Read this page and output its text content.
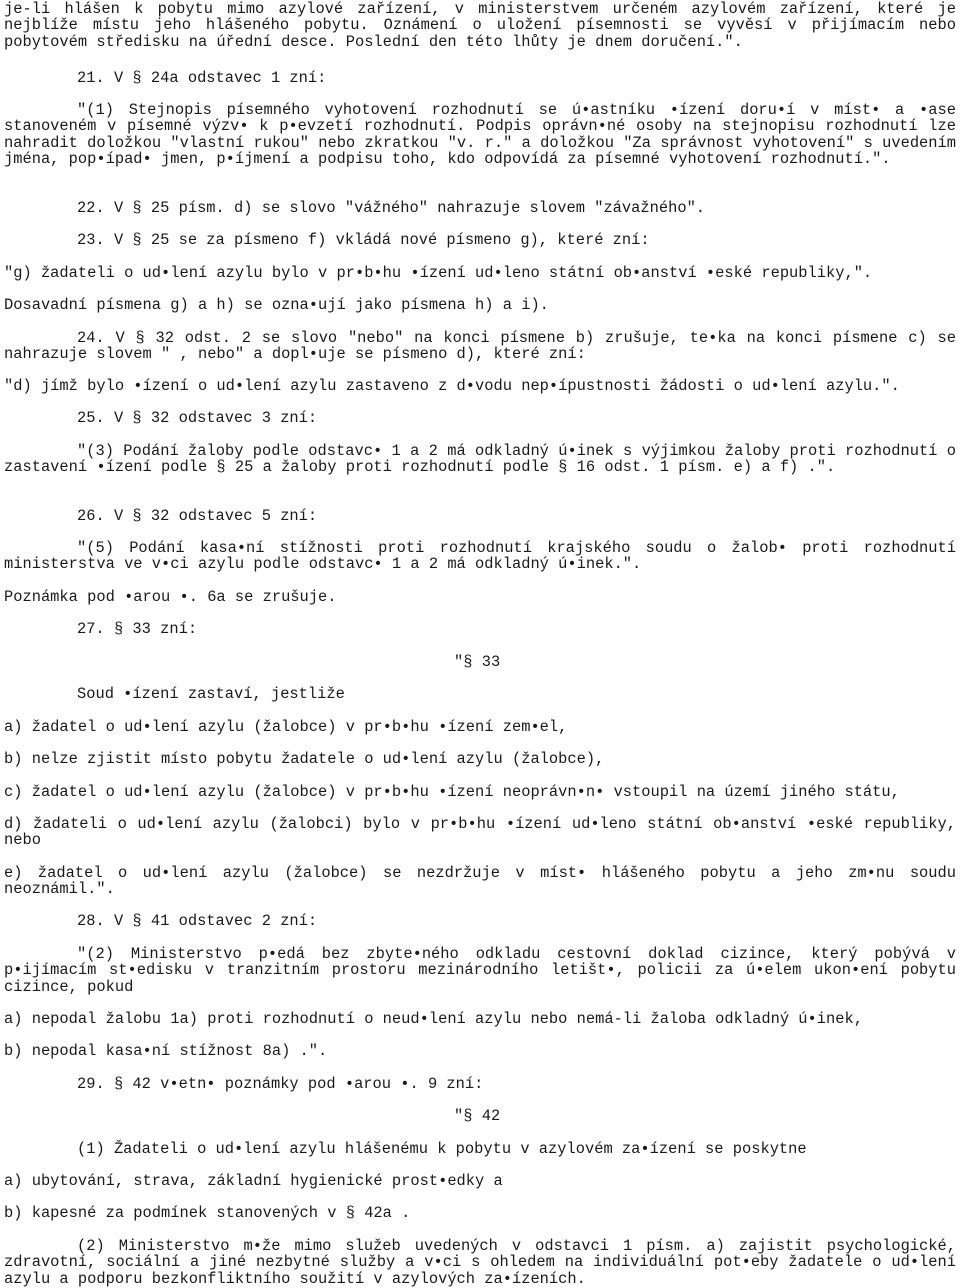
je-li hlášen k pobytu mimo azylové zařízení, v ministerstvem určeném azylovém zařízení, které je nejblíže místu jeho hlášeného pobytu. Oznámení o uložení písemnosti se vyvěsí v přijímacím nebo pobytovém středisku na úřední desce. Poslední den této lhůty je dnem doručení.".

21. V § 24a odstavec 1 zní:

"(1) Stejnopis písemného vyhotovení rozhodnutí se ú•astníku •ízení doru•í v míst• a •ase stanoveném v písemné výzv• k p•evzetí rozhodnutí. Podpis oprávn•né osoby na stejnopisu rozhodnutí lze nahradit doložkou "vlastní rukou" nebo zkratkou "v. r." a doložkou "Za správnost vyhotovení" s uvedením jména, pop•ípad• jmen, p•íjmení a podpisu toho, kdo odpovídá za písemné vyhotovení rozhodnutí.".

22. V § 25 písm. d) se slovo "vážného" nahrazuje slovem "závažného".

23. V § 25 se za písmeno f) vkládá nové písmeno g), které zní:

"g) žadateli o ud•lení azylu bylo v pr•b•hu •ízení ud•leno státní ob•anství •eské republiky,".

Dosavadní písmena g) a h) se ozna•ují jako písmena h) a i).

24. V § 32 odst. 2 se slovo "nebo" na konci písmene b) zrušuje, te•ka na konci písmene c) se nahrazuje slovem " , nebo" a dopl•uje se písmeno d), které zní:

"d) jímž bylo •ízení o ud•lení azylu zastaveno z d•vodu nep•ípustnosti žádosti o ud•lení azylu.".

25. V § 32 odstavec 3 zní:

"(3) Podání žaloby podle odstavc• 1 a 2 má odkladný ú•inek s výjimkou žaloby proti rozhodnutí o zastavení •ízení podle § 25 a žaloby proti rozhodnutí podle § 16 odst. 1 písm. e) a f) .".

26. V § 32 odstavec 5 zní:

"(5) Podání kasa•ní stížnosti proti rozhodnutí krajského soudu o žalob• proti rozhodnutí ministerstva ve v•ci azylu podle odstavc• 1 a 2 má odkladný ú•inek.".

Poznámka pod •arou •. 6a se zrušuje.

27. § 33 zní:

"§ 33

Soud •ízení zastaví, jestliže

a) žadatel o ud•lení azylu (žalobce) v pr•b•hu •ízení zem•el,

b) nelze zjistit místo pobytu žadatele o ud•lení azylu (žalobce),

c) žadatel o ud•lení azylu (žalobce) v pr•b•hu •ízení neoprávn•n• vstoupil na území jiného státu,

d) žadateli o ud•lení azylu (žalobci) bylo v pr•b•hu •ízení ud•leno státní ob•anství •eské republiky, nebo

e) žadatel o ud•lení azylu (žalobce) se nezdržuje v míst• hlášeného pobytu a jeho zm•nu soudu neoznámil.".

28. V § 41 odstavec 2 zní:

"(2) Ministerstvo p•edá bez zbyte•ného odkladu cestovní doklad cizince, který pobývá v p•ijímacím st•edisku v tranzitním prostoru mezinárodního letišt•, policii za ú•elem ukon•ení pobytu cizince, pokud

a) nepodal žalobu 1a) proti rozhodnutí o neud•lení azylu nebo nemá-li žaloba odkladný ú•inek,

b) nepodal kasa•ní stížnost 8a) .".

29. § 42 v•etn• poznámky pod •arou •. 9 zní:

"§ 42

(1) Žadateli o ud•lení azylu hlášenému k pobytu v azylovém za•ízení se poskytne

a) ubytování, strava, základní hygienické prost•edky a

b) kapesné za podmínek stanovených v § 42a .

(2) Ministerstvo m•že mimo služeb uvedených v odstavci 1 písm. a) zajistit psychologické, zdravotní, sociální a jiné nezbytné služby a v•ci s ohledem na individuální pot•eby žadatele o ud•lení azylu a podporu bezkonfliktního soužití v azylových za•ízeních.
